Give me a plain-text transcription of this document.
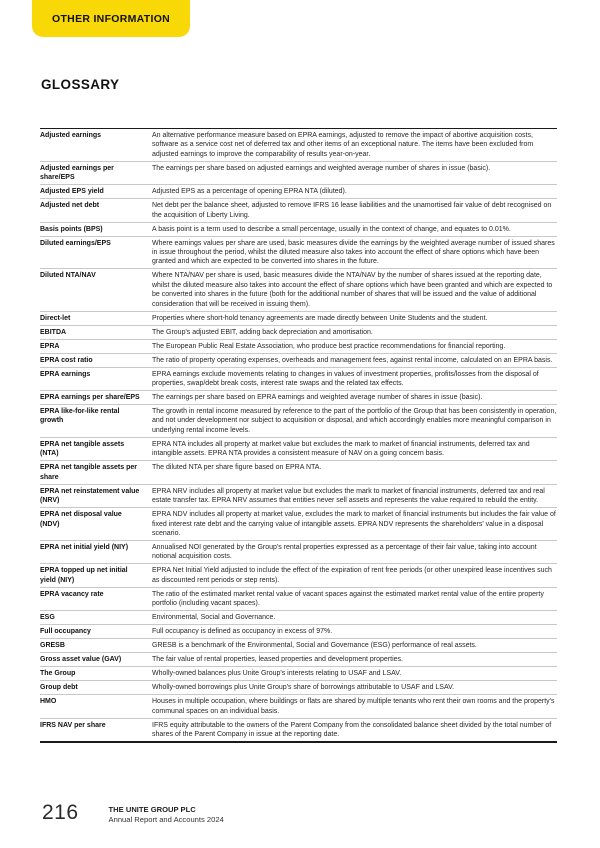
OTHER INFORMATION
GLOSSARY
Adjusted earnings	An alternative performance measure based on EPRA earnings, adjusted to remove the impact of abortive acquisition costs, software as a service cost net of deferred tax and other items of an exceptional nature. The items have been excluded from adjusted earnings to improve the comparability of results year-on-year.
Adjusted earnings per share/EPS	The earnings per share based on adjusted earnings and weighted average number of shares in issue (basic).
Adjusted EPS yield	Adjusted EPS as a percentage of opening EPRA NTA (diluted).
Adjusted net debt	Net debt per the balance sheet, adjusted to remove IFRS 16 lease liabilities and the unamortised fair value of debt recognised on the acquisition of Liberty Living.
Basis points (BPS)	A basis point is a term used to describe a small percentage, usually in the context of change, and equates to 0.01%.
Diluted earnings/EPS	Where earnings values per share are used, basic measures divide the earnings by the weighted average number of issued shares in issue throughout the period, whilst the diluted measure also takes into account the effect of share options which have been granted and which are expected to be converted into shares in the future.
Diluted NTA/NAV	Where NTA/NAV per share is used, basic measures divide the NTA/NAV by the number of shares issued at the reporting date, whilst the diluted measure also takes into account the effect of share options which have been granted and which are expected to be converted into shares in the future (both for the additional number of shares that will be issued and the value of additional consideration that will be received in issuing them).
Direct-let	Properties where short-hold tenancy agreements are made directly between Unite Students and the student.
EBITDA	The Group's adjusted EBIT, adding back depreciation and amortisation.
EPRA	The European Public Real Estate Association, who produce best practice recommendations for financial reporting.
EPRA cost ratio	The ratio of property operating expenses, overheads and management fees, against rental income, calculated on an EPRA basis.
EPRA earnings	EPRA earnings exclude movements relating to changes in values of investment properties, profits/losses from the disposal of properties, swap/debt break costs, interest rate swaps and the related tax effects.
EPRA earnings per share/EPS	The earnings per share based on EPRA earnings and weighted average number of shares in issue (basic).
EPRA like-for-like rental growth	The growth in rental income measured by reference to the part of the portfolio of the Group that has been consistently in operation, and not under development nor subject to acquisition or disposal, and which accordingly enables more meaningful comparison in underlying rental income levels.
EPRA net tangible assets (NTA)	EPRA NTA includes all property at market value but excludes the mark to market of financial instruments, deferred tax and intangible assets. EPRA NTA provides a consistent measure of NAV on a going concern basis.
EPRA net tangible assets per share	The diluted NTA per share figure based on EPRA NTA.
EPRA net reinstatement value (NRV)	EPRA NRV includes all property at market value but excludes the mark to market of financial instruments, deferred tax and real estate transfer tax. EPRA NRV assumes that entities never sell assets and represents the value required to rebuild the entity.
EPRA net disposal value (NDV)	EPRA NDV includes all property at market value, excludes the mark to market of financial instruments but includes the fair value of fixed interest rate debt and the carrying value of intangible assets. EPRA NDV represents the shareholders' value in a disposal scenario.
EPRA net initial yield (NIY)	Annualised NOI generated by the Group's rental properties expressed as a percentage of their fair value, taking into account notional acquisition costs.
EPRA topped up net initial yield (NIY)	EPRA Net Initial Yield adjusted to include the effect of the expiration of rent free periods (or other unexpired lease incentives such as discounted rent periods or step rents).
EPRA vacancy rate	The ratio of the estimated market rental value of vacant spaces against the estimated market rental value of the entire property portfolio (including vacant spaces).
ESG	Environmental, Social and Governance.
Full occupancy	Full occupancy is defined as occupancy in excess of 97%.
GRESB	GRESB is a benchmark of the Environmental, Social and Governance (ESG) performance of real assets.
Gross asset value (GAV)	The fair value of rental properties, leased properties and development properties.
The Group	Wholly-owned balances plus Unite Group's interests relating to USAF and LSAV.
Group debt	Wholly-owned borrowings plus Unite Group's share of borrowings attributable to USAF and LSAV.
HMO	Houses in multiple occupation, where buildings or flats are shared by multiple tenants who rent their own rooms and the property's communal spaces on an individual basis.
IFRS NAV per share	IFRS equity attributable to the owners of the Parent Company from the consolidated balance sheet divided by the total number of shares of the Parent Company in issue at the reporting date.
216	THE UNITE GROUP PLC
Annual Report and Accounts 2024
